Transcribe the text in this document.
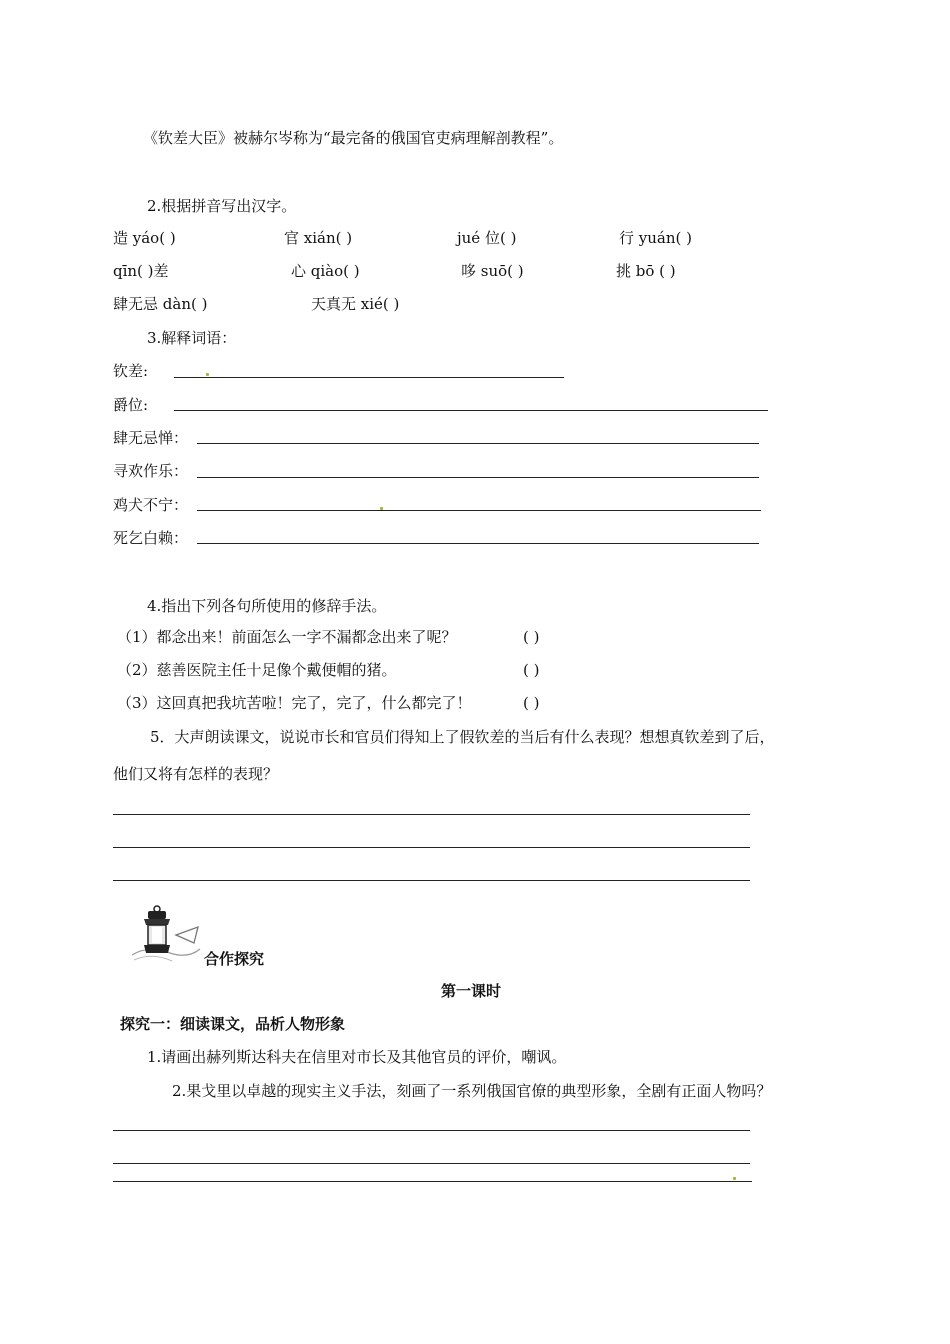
《钦差大臣》被赫尔岑称为“最完备的俄国官吏病理解剖教程”。
2.根据拼音写出汉字。
造 yáo( )	官 xián( )	jué 位( )	行 yuán( )
qīn( )差	心 qiào( )	哆 suō( )	挑 bō ( )
肆无忌 dàn( )	天真无 xié( )
3.解释词语：
钦差:
爵位:
肆无忌惮：
寻欢作乐：
鸡犬不宁：
死乞白赖：
4.指出下列各句所使用的修辞手法。
（1）都念出来！前面怎么一字不漏都念出来了呢？	( )
（2）慈善医院主任十足像个戴便帽的猪。	( )
（3）这回真把我坑苦啦！完了，完了，什么都完了！	( )
5．大声朗读课文，说说市长和官员们得知上了假钦差的当后有什么表现？想想真钦差到了后，
他们又将有怎样的表现？
合作探究
第一课时
探究一：细读课文，品析人物形象
1.请画出赫列斯达科夫在信里对市长及其他官员的评价，嘲讽。
2.果戈里以卓越的现实主义手法，刻画了一系列俄国官僚的典型形象，全剧有正面人物吗？
